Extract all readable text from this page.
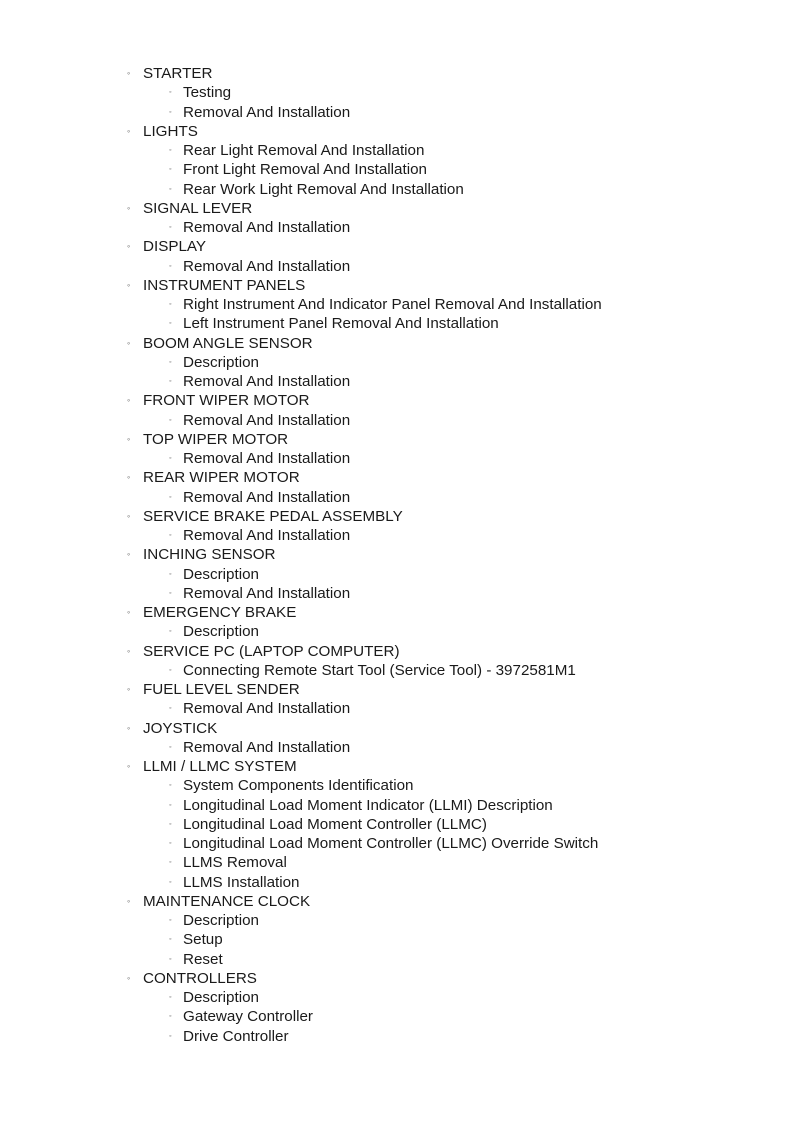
◦ STARTER
◦ Testing
◦ Removal And Installation
◦ LIGHTS
◦ Rear Light Removal And Installation
◦ Front Light Removal And Installation
◦ Rear Work Light Removal And Installation
◦ SIGNAL LEVER
◦ Removal And Installation
◦ DISPLAY
◦ Removal And Installation
◦ INSTRUMENT PANELS
◦ Right Instrument And Indicator Panel Removal And Installation
◦ Left Instrument Panel Removal And Installation
◦ BOOM ANGLE SENSOR
◦ Description
◦ Removal And Installation
◦ FRONT WIPER MOTOR
◦ Removal And Installation
◦ TOP WIPER MOTOR
◦ Removal And Installation
◦ REAR WIPER MOTOR
◦ Removal And Installation
◦ SERVICE BRAKE PEDAL ASSEMBLY
◦ Removal And Installation
◦ INCHING SENSOR
◦ Description
◦ Removal And Installation
◦ EMERGENCY BRAKE
◦ Description
◦ SERVICE PC (LAPTOP COMPUTER)
◦ Connecting Remote Start Tool (Service Tool) - 3972581M1
◦ FUEL LEVEL SENDER
◦ Removal And Installation
◦ JOYSTICK
◦ Removal And Installation
◦ LLMI / LLMC SYSTEM
◦ System Components Identification
◦ Longitudinal Load Moment Indicator (LLMI) Description
◦ Longitudinal Load Moment Controller (LLMC)
◦ Longitudinal Load Moment Controller (LLMC) Override Switch
◦ LLMS Removal
◦ LLMS Installation
◦ MAINTENANCE CLOCK
◦ Description
◦ Setup
◦ Reset
◦ CONTROLLERS
◦ Description
◦ Gateway Controller
◦ Drive Controller
